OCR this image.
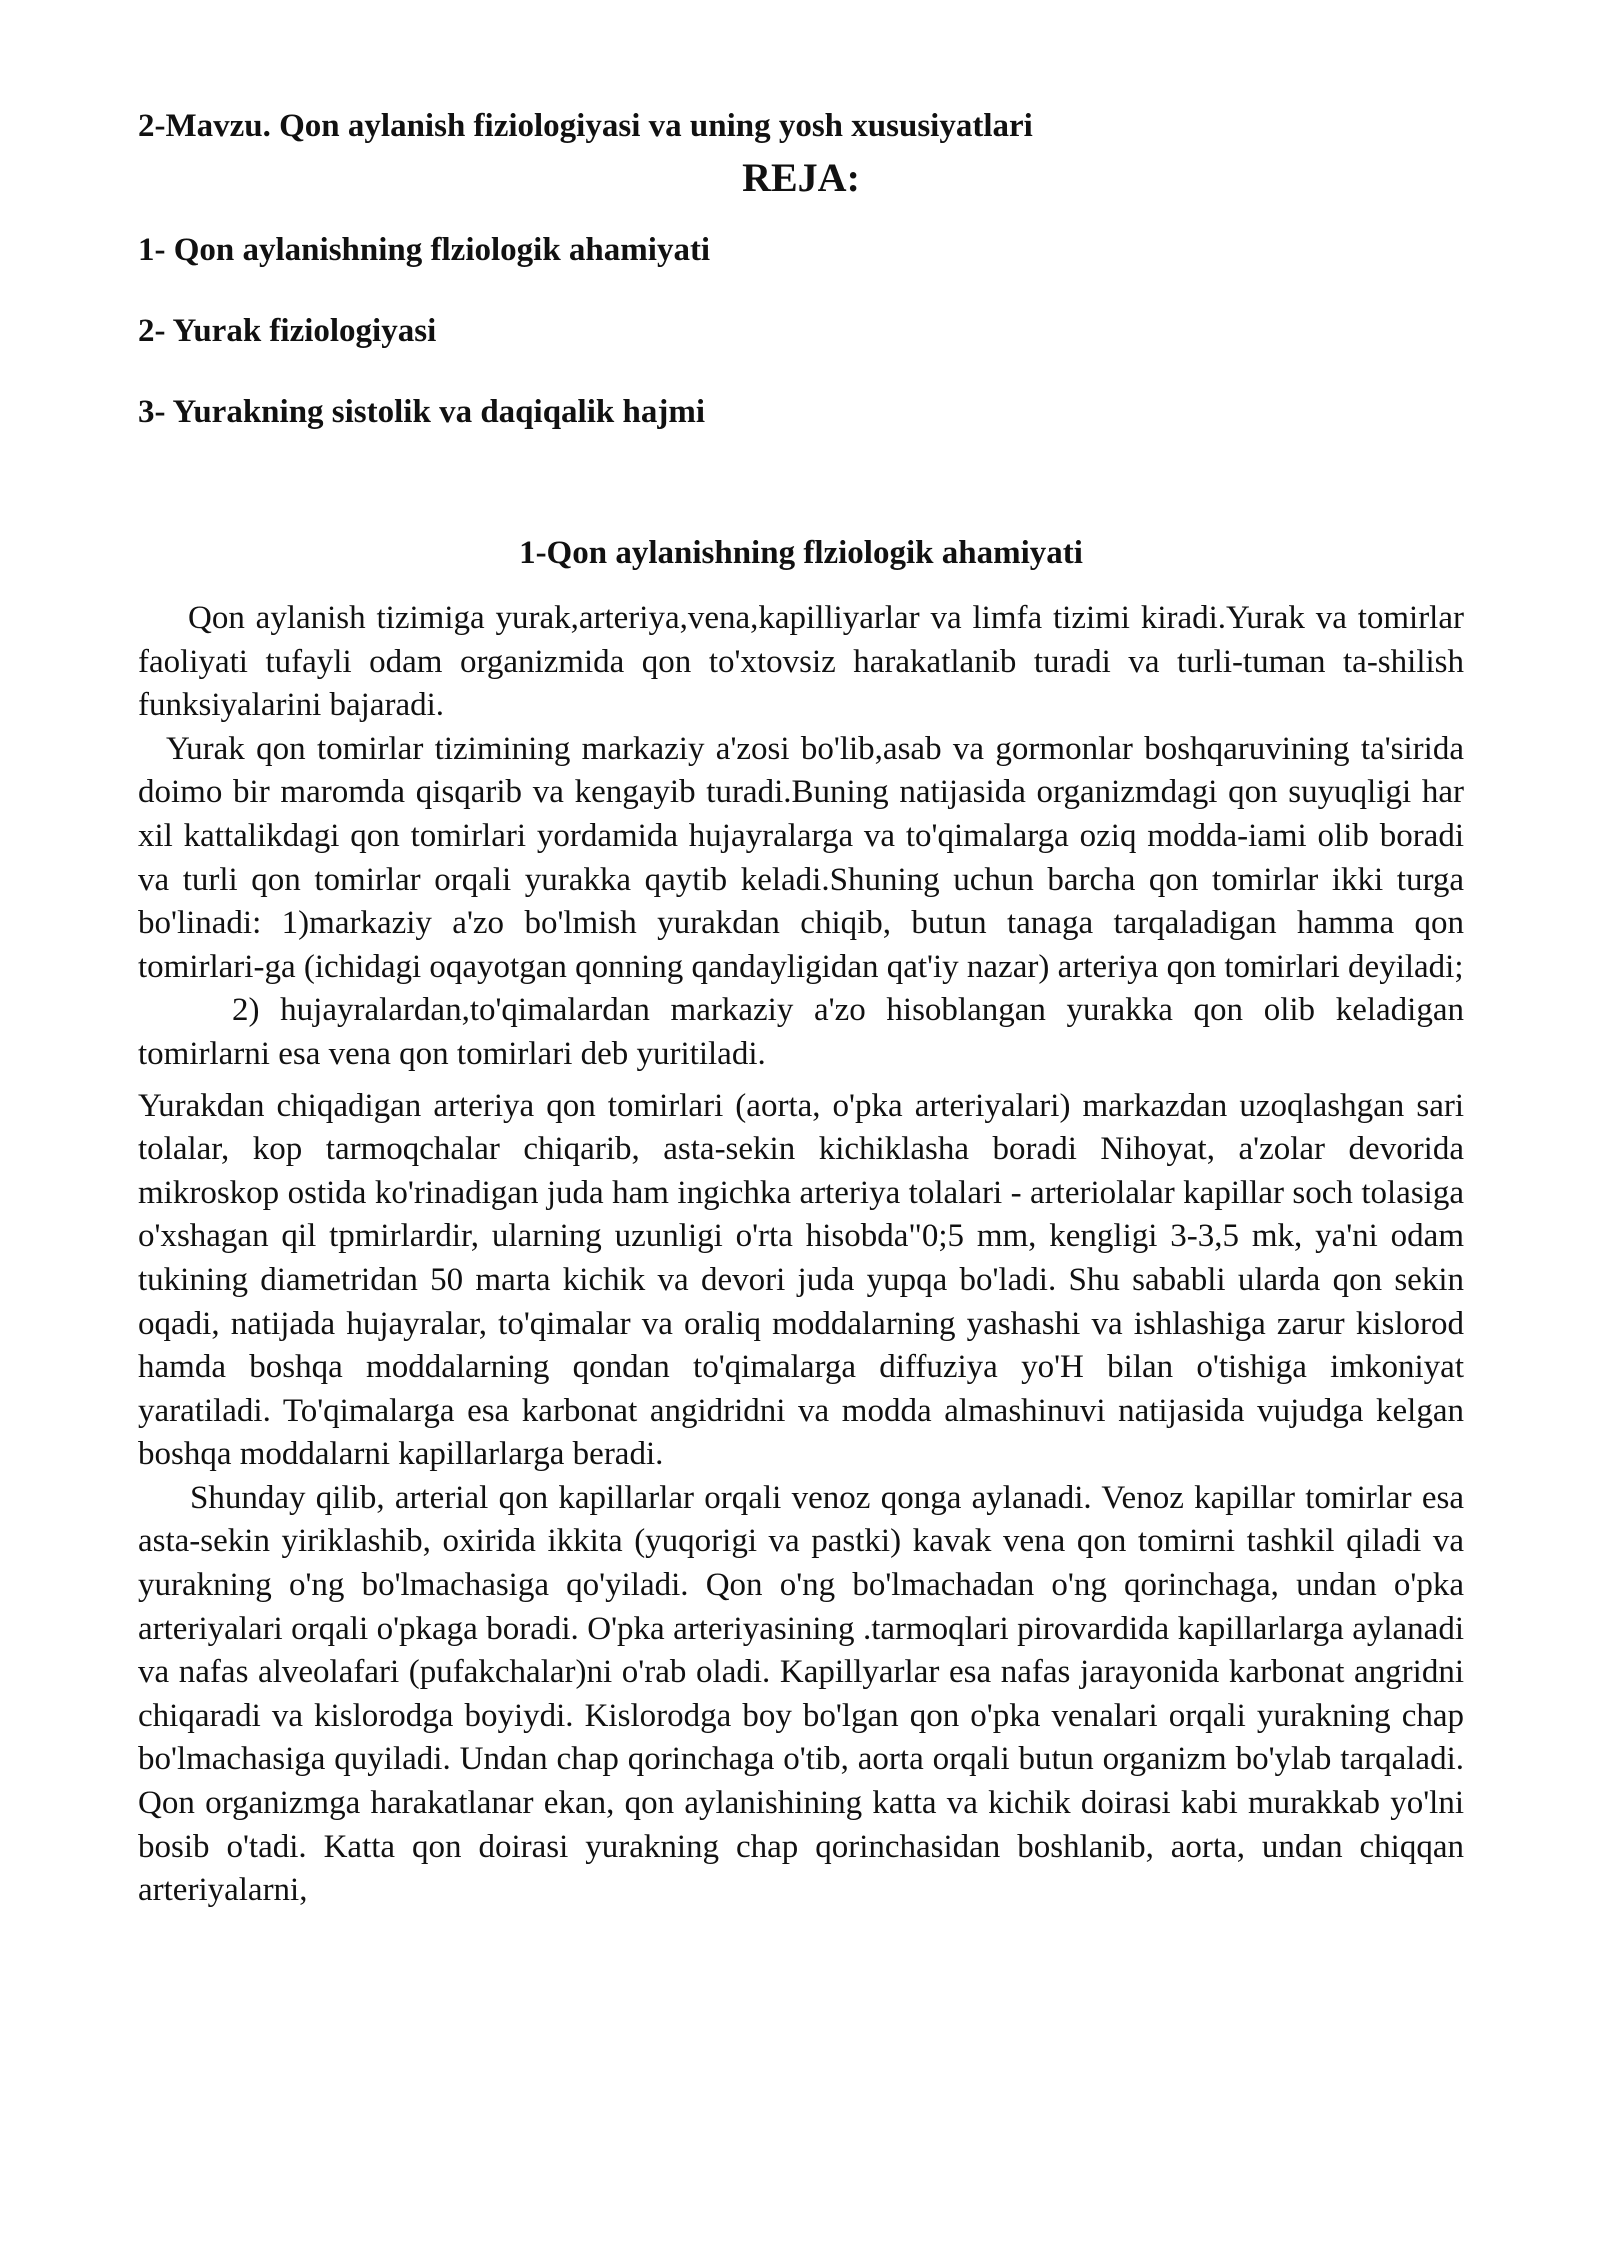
2-Mavzu. Qon aylanish fiziologiyasi va uning yosh xususiyatlari
REJA:
1- Qon aylanishning flziologik ahamiyati
2- Yurak fiziologiyasi
3- Yurakning sistolik va daqiqalik hajmi
1-Qon aylanishning flziologik ahamiyati

Qon aylanish tizimiga yurak,arteriya,vena,kapilliyarlar va limfa tizimi kiradi.Yurak va tomirlar faoliyati tufayli odam organizmida qon to'xtovsiz harakatlanib turadi va turli-tuman ta-shilish funksiyalarini bajaradi.

Yurak qon tomirlar tizimining markaziy a'zosi bo'lib,asab va gormonlar boshqaruvining ta'sirida doimo bir maromda qisqarib va kengayib turadi.Buning natijasida organizmdagi qon suyuqligi har xil kattalikdagi qon tomirlari yordamida hujayralarga va to'qimalarga oziq modda-iami olib boradi va turli qon tomirlar orqali yurakka qaytib keladi.Shuning uchun barcha qon tomirlar ikki turga bo'linadi: 1)markaziy a'zo bo'lmish yurakdan chiqib, butun tanaga tarqaladigan hamma qon tomirlari-ga (ichidagi oqayotgan qonning qandayligidan qat'iy nazar) arteriya qon tomirlari deyiladi;

2) hujayralardan,to'qimalardan markaziy a'zo hisoblangan yurakka qon olib keladigan tomirlarni esa vena qon tomirlari deb yuritiladi.

Yurakdan chiqadigan arteriya qon tomirlari (aorta, o'pka arteriyalari) markazdan uzoqlashgan sari tolalar, kop tarmoqchalar chiqarib, asta-sekin kichiklasha boradi Nihoyat, a'zolar devorida mikroskop ostida ko'rinadigan juda ham ingichka arteriya tolalari - arteriolalar kapillar soch tolasiga o'xshagan qil tpmirlardir, ularning uzunligi o'rta hisobda"0;5 mm, kengligi 3-3,5 mk, ya'ni odam tukining diametridan 50 marta kichik va devori juda yupqa bo'ladi. Shu sababli ularda qon sekin oqadi, natijada hujayralar, to'qimalar va oraliq moddalarning yashashi va ishlashiga zarur kislorod hamda boshqa moddalarning qondan to'qimalarga diffuziya yo'H bilan o'tishiga imkoniyat yaratiladi. To'qimalarga esa karbonat angidridni va modda almashinuvi natijasida vujudga kelgan boshqa moddalarni kapillarlarga beradi.

Shunday qilib, arterial qon kapillarlar orqali venoz qonga aylanadi. Venoz kapillar tomirlar esa asta-sekin yiriklashib, oxirida ikkita (yuqorigi va pastki) kavak vena qon tomirni tashkil qiladi va yurakning o'ng bo'lmachasiga qo'yiladi. Qon o'ng bo'lmachadan o'ng qorinchaga, undan o'pka arteriyalari orqali o'pkaga boradi. O'pka arteriyasining .tarmoqlari pirovardida kapillarlarga aylanadi va nafas alveolafari (pufakchalar)ni o'rab oladi. Kapillyarlar esa nafas jarayonida karbonat angridni chiqaradi va kislorodga boyiydi. Kislorodga boy bo'lgan qon o'pka venalari orqali yurakning chap bo'lmachasiga quyiladi. Undan chap qorinchaga o'tib, aorta orqali butun organizm bo'ylab tarqaladi. Qon organizmga harakatlanar ekan, qon aylanishining katta va kichik doirasi kabi murakkab yo'lni bosib o'tadi. Katta qon doirasi yurakning chap qorinchasidan boshlanib, aorta, undan chiqqan arteriyalarni,
